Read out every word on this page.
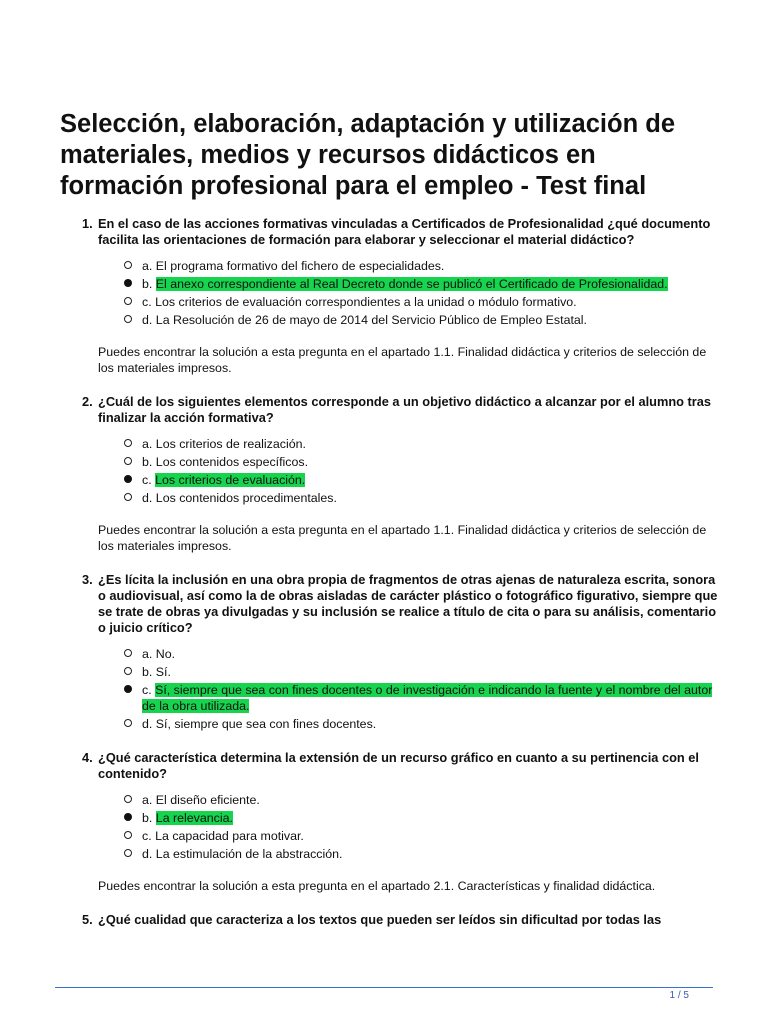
Selección, elaboración, adaptación y utilización de materiales, medios y recursos didácticos en formación profesional para el empleo - Test final
1. En el caso de las acciones formativas vinculadas a Certificados de Profesionalidad ¿qué documento facilita las orientaciones de formación para elaborar y seleccionar el material didáctico?
a. El programa formativo del fichero de especialidades.
b. El anexo correspondiente al Real Decreto donde se publicó el Certificado de Profesionalidad.
c. Los criterios de evaluación correspondientes a la unidad o módulo formativo.
d. La Resolución de 26 de mayo de 2014 del Servicio Público de Empleo Estatal.
Puedes encontrar la solución a esta pregunta en el apartado 1.1. Finalidad didáctica y criterios de selección de los materiales impresos.
2. ¿Cuál de los siguientes elementos corresponde a un objetivo didáctico a alcanzar por el alumno tras finalizar la acción formativa?
a. Los criterios de realización.
b. Los contenidos específicos.
c. Los criterios de evaluación.
d. Los contenidos procedimentales.
Puedes encontrar la solución a esta pregunta en el apartado 1.1. Finalidad didáctica y criterios de selección de los materiales impresos.
3. ¿Es lícita la inclusión en una obra propia de fragmentos de otras ajenas de naturaleza escrita, sonora o audiovisual, así como la de obras aisladas de carácter plástico o fotográfico figurativo, siempre que se trate de obras ya divulgadas y su inclusión se realice a título de cita o para su análisis, comentario o juicio crítico?
a. No.
b. Sí.
c. Sí, siempre que sea con fines docentes o de investigación e indicando la fuente y el nombre del autor de la obra utilizada.
d. Sí, siempre que sea con fines docentes.
4. ¿Qué característica determina la extensión de un recurso gráfico en cuanto a su pertinencia con el contenido?
a. El diseño eficiente.
b. La relevancia.
c. La capacidad para motivar.
d. La estimulación de la abstracción.
Puedes encontrar la solución a esta pregunta en el apartado 2.1. Características y finalidad didáctica.
5. ¿Qué cualidad que caracteriza a los textos que pueden ser leídos sin dificultad por todas las
1 / 5
